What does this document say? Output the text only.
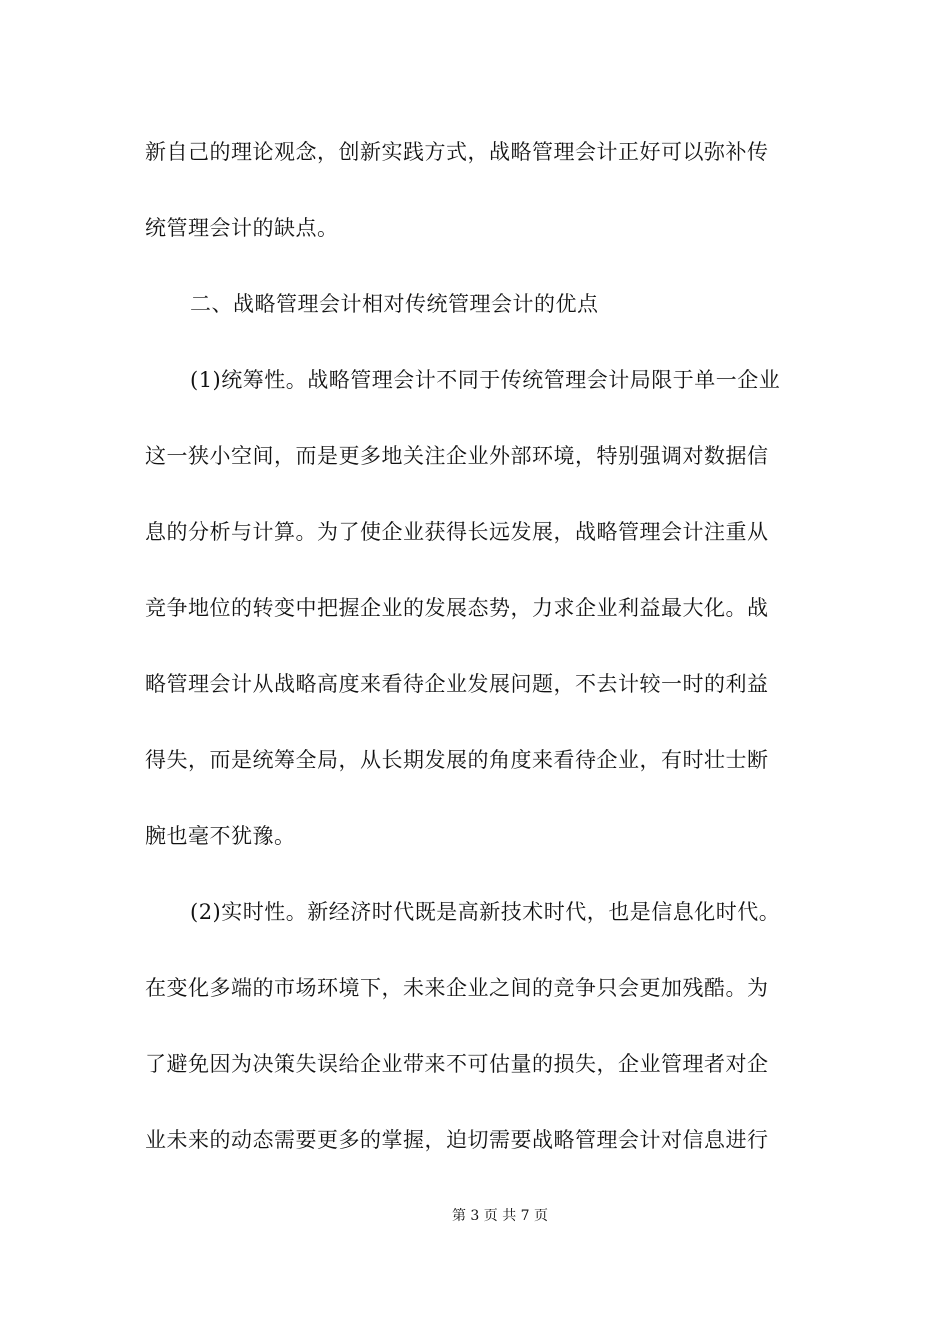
新自己的理论观念，创新实践方式，战略管理会计正好可以弥补传
统管理会计的缺点。
二、战略管理会计相对传统管理会计的优点
(1)统筹性。战略管理会计不同于传统管理会计局限于单一企业
这一狭小空间，而是更多地关注企业外部环境，特别强调对数据信
息的分析与计算。为了使企业获得长远发展，战略管理会计注重从
竞争地位的转变中把握企业的发展态势，力求企业利益最大化。战
略管理会计从战略高度来看待企业发展问题，不去计较一时的利益
得失，而是统筹全局，从长期发展的角度来看待企业，有时壮士断
腕也毫不犹豫。
(2)实时性。新经济时代既是高新技术时代，也是信息化时代。
在变化多端的市场环境下，未来企业之间的竞争只会更加残酷。为
了避免因为决策失误给企业带来不可估量的损失，企业管理者对企
业未来的动态需要更多的掌握，迫切需要战略管理会计对信息进行
第 3 页 共 7 页
